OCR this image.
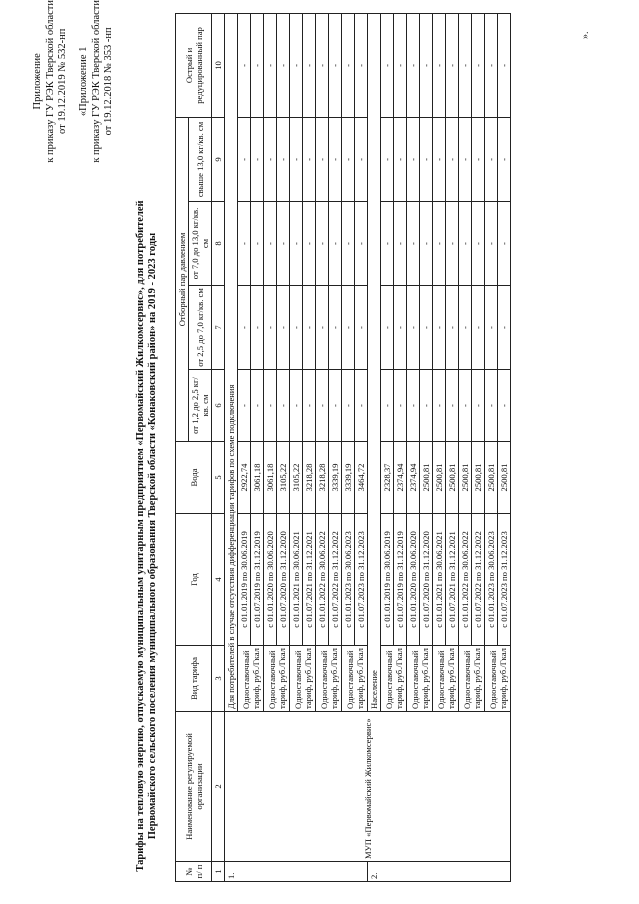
Приложение к приказу ГУ РЭК Тверской области от 19.12.2019 № 532-нп «Приложение 1 к приказу ГУ РЭК Тверской области от 19.12.2018 № 353 -нп
Тарифы на тепловую энергию, отпускаемую муниципальным унитарным предприятием «Первомайский Жилкомсервис», для потребителей Первомайского сельского поселения муниципального образования Тверской области «Конаковский район» на 2019 - 2023 годы
№ п/ п	Наименование регулируемой организации	Вид тарифа	Год	Вода	Отборный пар давлением				Острый и редуцированный пар
					от 1,2 до 2,5 кг/кв. см	от 2,5 до 7,0 кг/кв. см	от 7,0 до 13,0 кг/кв. см	свыше 13,0 кг/кв. см	
1	2	3	4	5	6	7	8	9	10
1.	МУП «Первомайский Жилкомсервис»	Для потребителей в случае отсутствия дифференциации тарифов по схеме подключения							
		Одноставочный тариф, руб./Гкал	с 01.01.2019 по 30.06.2019	2922,74	-	-	-	-	-
			с 01.07.2019 по 31.12.2019	3061,18	-	-	-	-	-
		Одноставочный тариф, руб./Гкал	с 01.01.2020 по 30.06.2020	3061,18	-	-	-	-	-
			с 01.07.2020 по 31.12.2020	3105,22	-	-	-	-	-
		Одноставочный тариф, руб./Гкал	с 01.01.2021 по 30.06.2021	3105,22	-	-	-	-	-
			с 01.07.2021 по 31.12.2021	3218,28	-	-	-	-	-
		Одноставочный тариф, руб./Гкал	с 01.01.2022 по 30.06.2022	3218,28	-	-	-	-	-
			с 01.07.2022 по 31.12.2022	3339,19	-	-	-	-	-
		Одноставочный тариф, руб./Гкал	с 01.01.2023 по 30.06.2023	3339,19	-	-	-	-	-
			с 01.07.2023 по 31.12.2023	3464,72	-	-	-	-	-
2.		Население							
		Одноставочный тариф, руб./Гкал	с 01.01.2019 по 30.06.2019	2328,37	-	-	-	-	-
			с 01.07.2019 по 31.12.2019	2374,94	-	-	-	-	-
		Одноставочный тариф, руб./Гкал	с 01.01.2020 по 30.06.2020	2374,94	-	-	-	-	-
			с 01.07.2020 по 31.12.2020	2500,81	-	-	-	-	-
		Одноставочный тариф, руб./Гкал	с 01.01.2021 по 30.06.2021	2500,81	-	-	-	-	-
			с 01.07.2021 по 31.12.2021	2500,81	-	-	-	-	-
		Одноставочный тариф, руб./Гкал	с 01.01.2022 по 30.06.2022	2500,81	-	-	-	-	-
			с 01.07.2022 по 31.12.2022	2500,81	-	-	-	-	-
		Одноставочный тариф, руб./Гкал	с 01.01.2023 по 30.06.2023	2500,81	-	-	-	-	-
			с 01.07.2023 по 31.12.2023	2500,81	-	-	-	-	-
».
